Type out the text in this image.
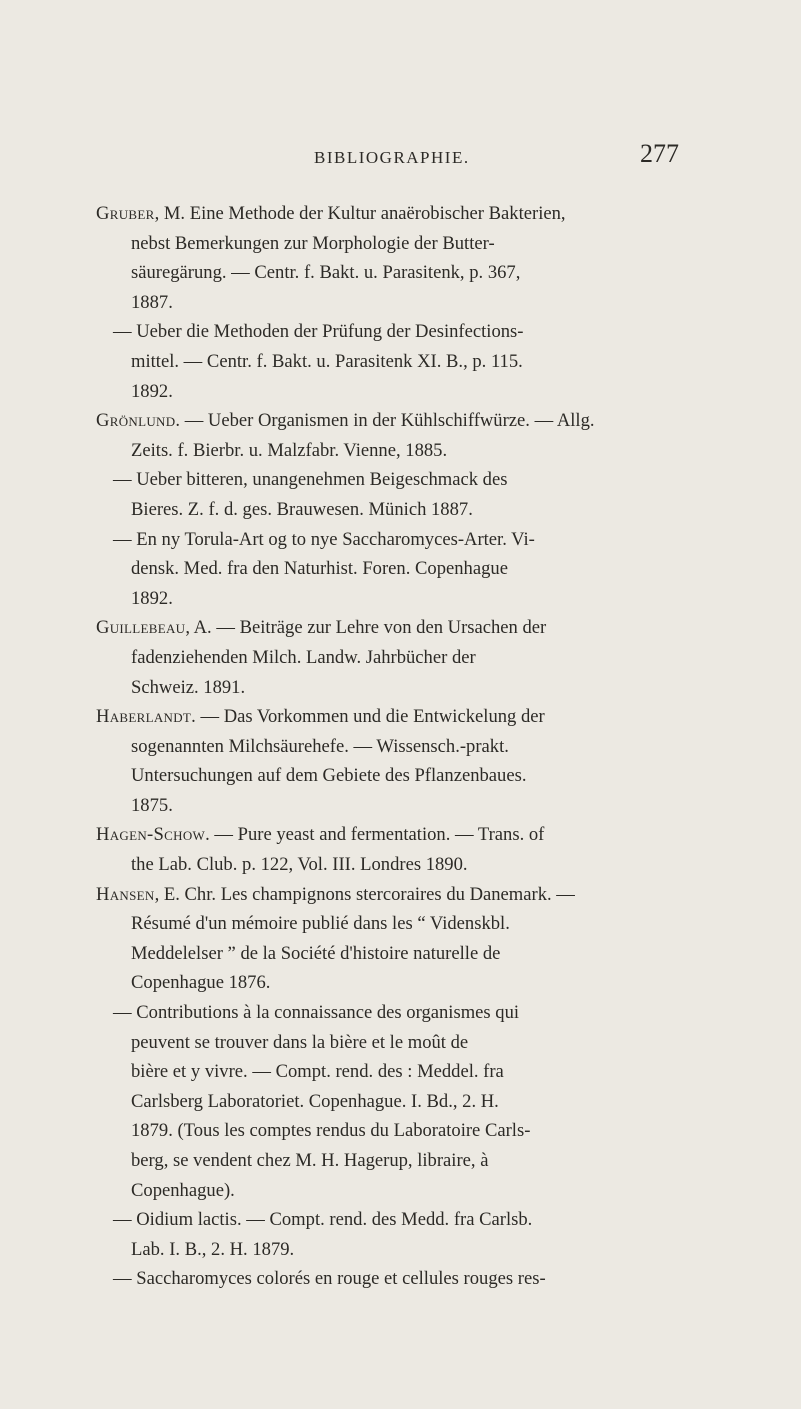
BIBLIOGRAPHIE.	277
Gruber, M. Eine Methode der Kultur anaërobischer Bakterien,
nebst Bemerkungen zur Morphologie der Butter-
säuregärung. — Centr. f. Bakt. u. Parasitenk, p. 367,
1887.
— Ueber die Methoden der Prüfung der Desinfections-
mittel. — Centr. f. Bakt. u. Parasitenk XI. B., p. 115.
1892.
Grönlund. — Ueber Organismen in der Kühlschiffwürze. — Allg.
Zeits. f. Bierbr. u. Malzfabr. Vienne, 1885.
— Ueber bitteren, unangenehmen Beigeschmack des
Bieres. Z. f. d. ges. Brauwesen. Münich 1887.
— En ny Torula-Art og to nye Saccharomyces-Arter. Vi-
densk. Med. fra den Naturhist. Foren. Copenhague
1892.
Guillebeau, A. — Beiträge zur Lehre von den Ursachen der
fadenziehenden Milch. Landw. Jahrbücher der
Schweiz. 1891.
Haberlandt. — Das Vorkommen und die Entwickelung der
sogenannten Milchsäurehefe. — Wissensch.-prakt.
Untersuchungen auf dem Gebiete des Pflanzenbaues.
1875.
Hagen-Schow. — Pure yeast and fermentation. — Trans. of
the Lab. Club. p. 122, Vol. III. Londres 1890.
Hansen, E. Chr. Les champignons stercoraires du Danemark. —
Résumé d'un mémoire publié dans les “ Videnskbl.
Meddelelser ” de la Société d'histoire naturelle de
Copenhague 1876.
— Contributions à la connaissance des organismes qui
peuvent se trouver dans la bière et le moût de
bière et y vivre. — Compt. rend. des : Meddel. fra
Carlsberg Laboratoriet. Copenhague. I. Bd., 2. H.
1879. (Tous les comptes rendus du Laboratoire Carls-
berg, se vendent chez M. H. Hagerup, libraire, à
Copenhague).
— Oidium lactis. — Compt. rend. des Medd. fra Carlsb.
Lab. I. B., 2. H. 1879.
— Saccharomyces colorés en rouge et cellules rouges res-
